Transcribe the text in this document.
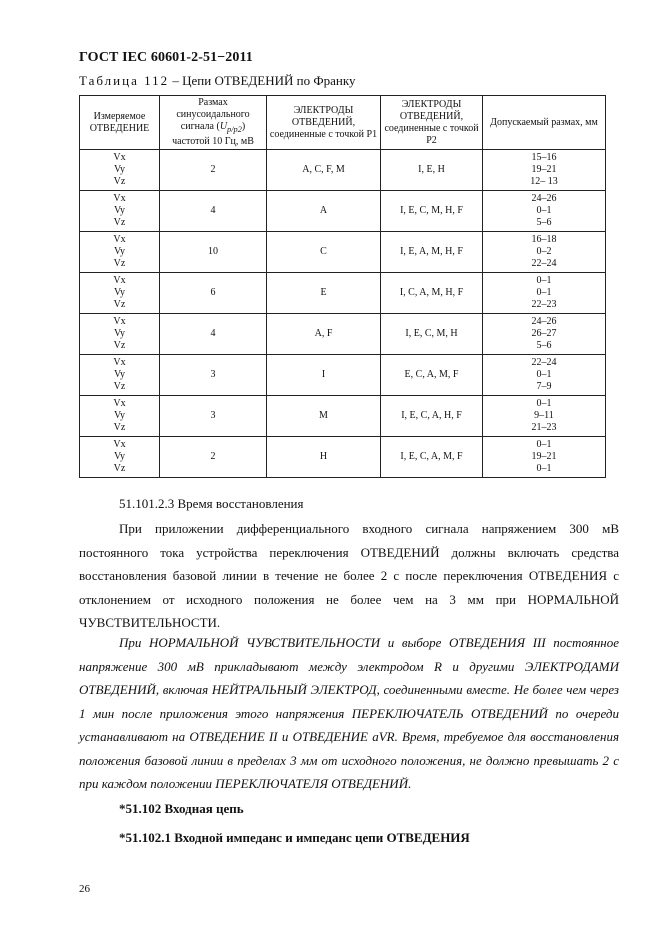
ГОСТ IEC 60601-2-51−2011
Таблица 112 – Цепи ОТВЕДЕНИЙ по Франку
Измеряемое ОТВЕДЕНИЕ	Размах синусоидального сигнала $(U_{p/p2})$ частотой 10 Гц, мВ	ЭЛЕКТРОДЫ ОТВЕДЕНИЙ, соединенные с точкой P1	ЭЛЕКТРОДЫ ОТВЕДЕНИЙ, соединенные с точкой P2	Допускаемый размах, мм

Vx
Vy
Vz	2	A, C, F, M	I, E, H	15–16
19–21
12– 13

Vx
Vy
Vz	4	A	I, E, C, M, H, F	24–26
0–1
5–6

Vx
Vy
Vz	10	C	I, E, A, M, H, F	16–18
0–2
22–24

Vx
Vy
Vz	6	E	I, C, A, M, H, F	0–1
0–1
22–23

Vx
Vy
Vz	4	A, F	I, E, C, M, H	24–26
26–27
5–6

Vx
Vy
Vz	3	I	E, C, A, M, F	22–24
0–1
7–9

Vx
Vy
Vz	3	M	I, E, C, A, H, F	0–1
9–11
21–23

Vx
Vy
Vz	2	H	I, E, C, A, M, F	0–1
19–21
0–1
51.101.2.3 Время восстановления
При приложении дифференциального входного сигнала напряжением 300 мВ постоянного тока устройства переключения ОТВЕДЕНИЙ должны включать средства восстановления базовой линии в течение не более 2 с после переключения ОТВЕДЕНИЯ с отклонением от исходного положения не более чем на 3 мм при НОРМАЛЬНОЙ ЧУВСТВИТЕЛЬНОСТИ.
При НОРМАЛЬНОЙ ЧУВСТВИТЕЛЬНОСТИ и выборе ОТВЕДЕНИЯ III постоянное напряжение 300 мВ прикладывают между электродом R и другими ЭЛЕКТРОДАМИ ОТВЕДЕНИЙ, включая НЕЙТРАЛЬНЫЙ ЭЛЕКТРОД, соединенными вместе. Не более чем через 1 мин после приложения этого напряжения ПЕРЕКЛЮЧАТЕЛЬ ОТВЕДЕНИЙ по очереди устанавливают на ОТВЕДЕНИЕ II и ОТВЕДЕНИЕ aVR. Время, требуемое для восстановления положения базовой линии в пределах 3 мм от исходного положения, не должно превышать 2 с при каждом положении ПЕРЕКЛЮЧАТЕЛЯ ОТВЕДЕНИЙ.
*51.102 Входная цепь
*51.102.1 Входной импеданс и импеданс цепи ОТВЕДЕНИЯ
26
